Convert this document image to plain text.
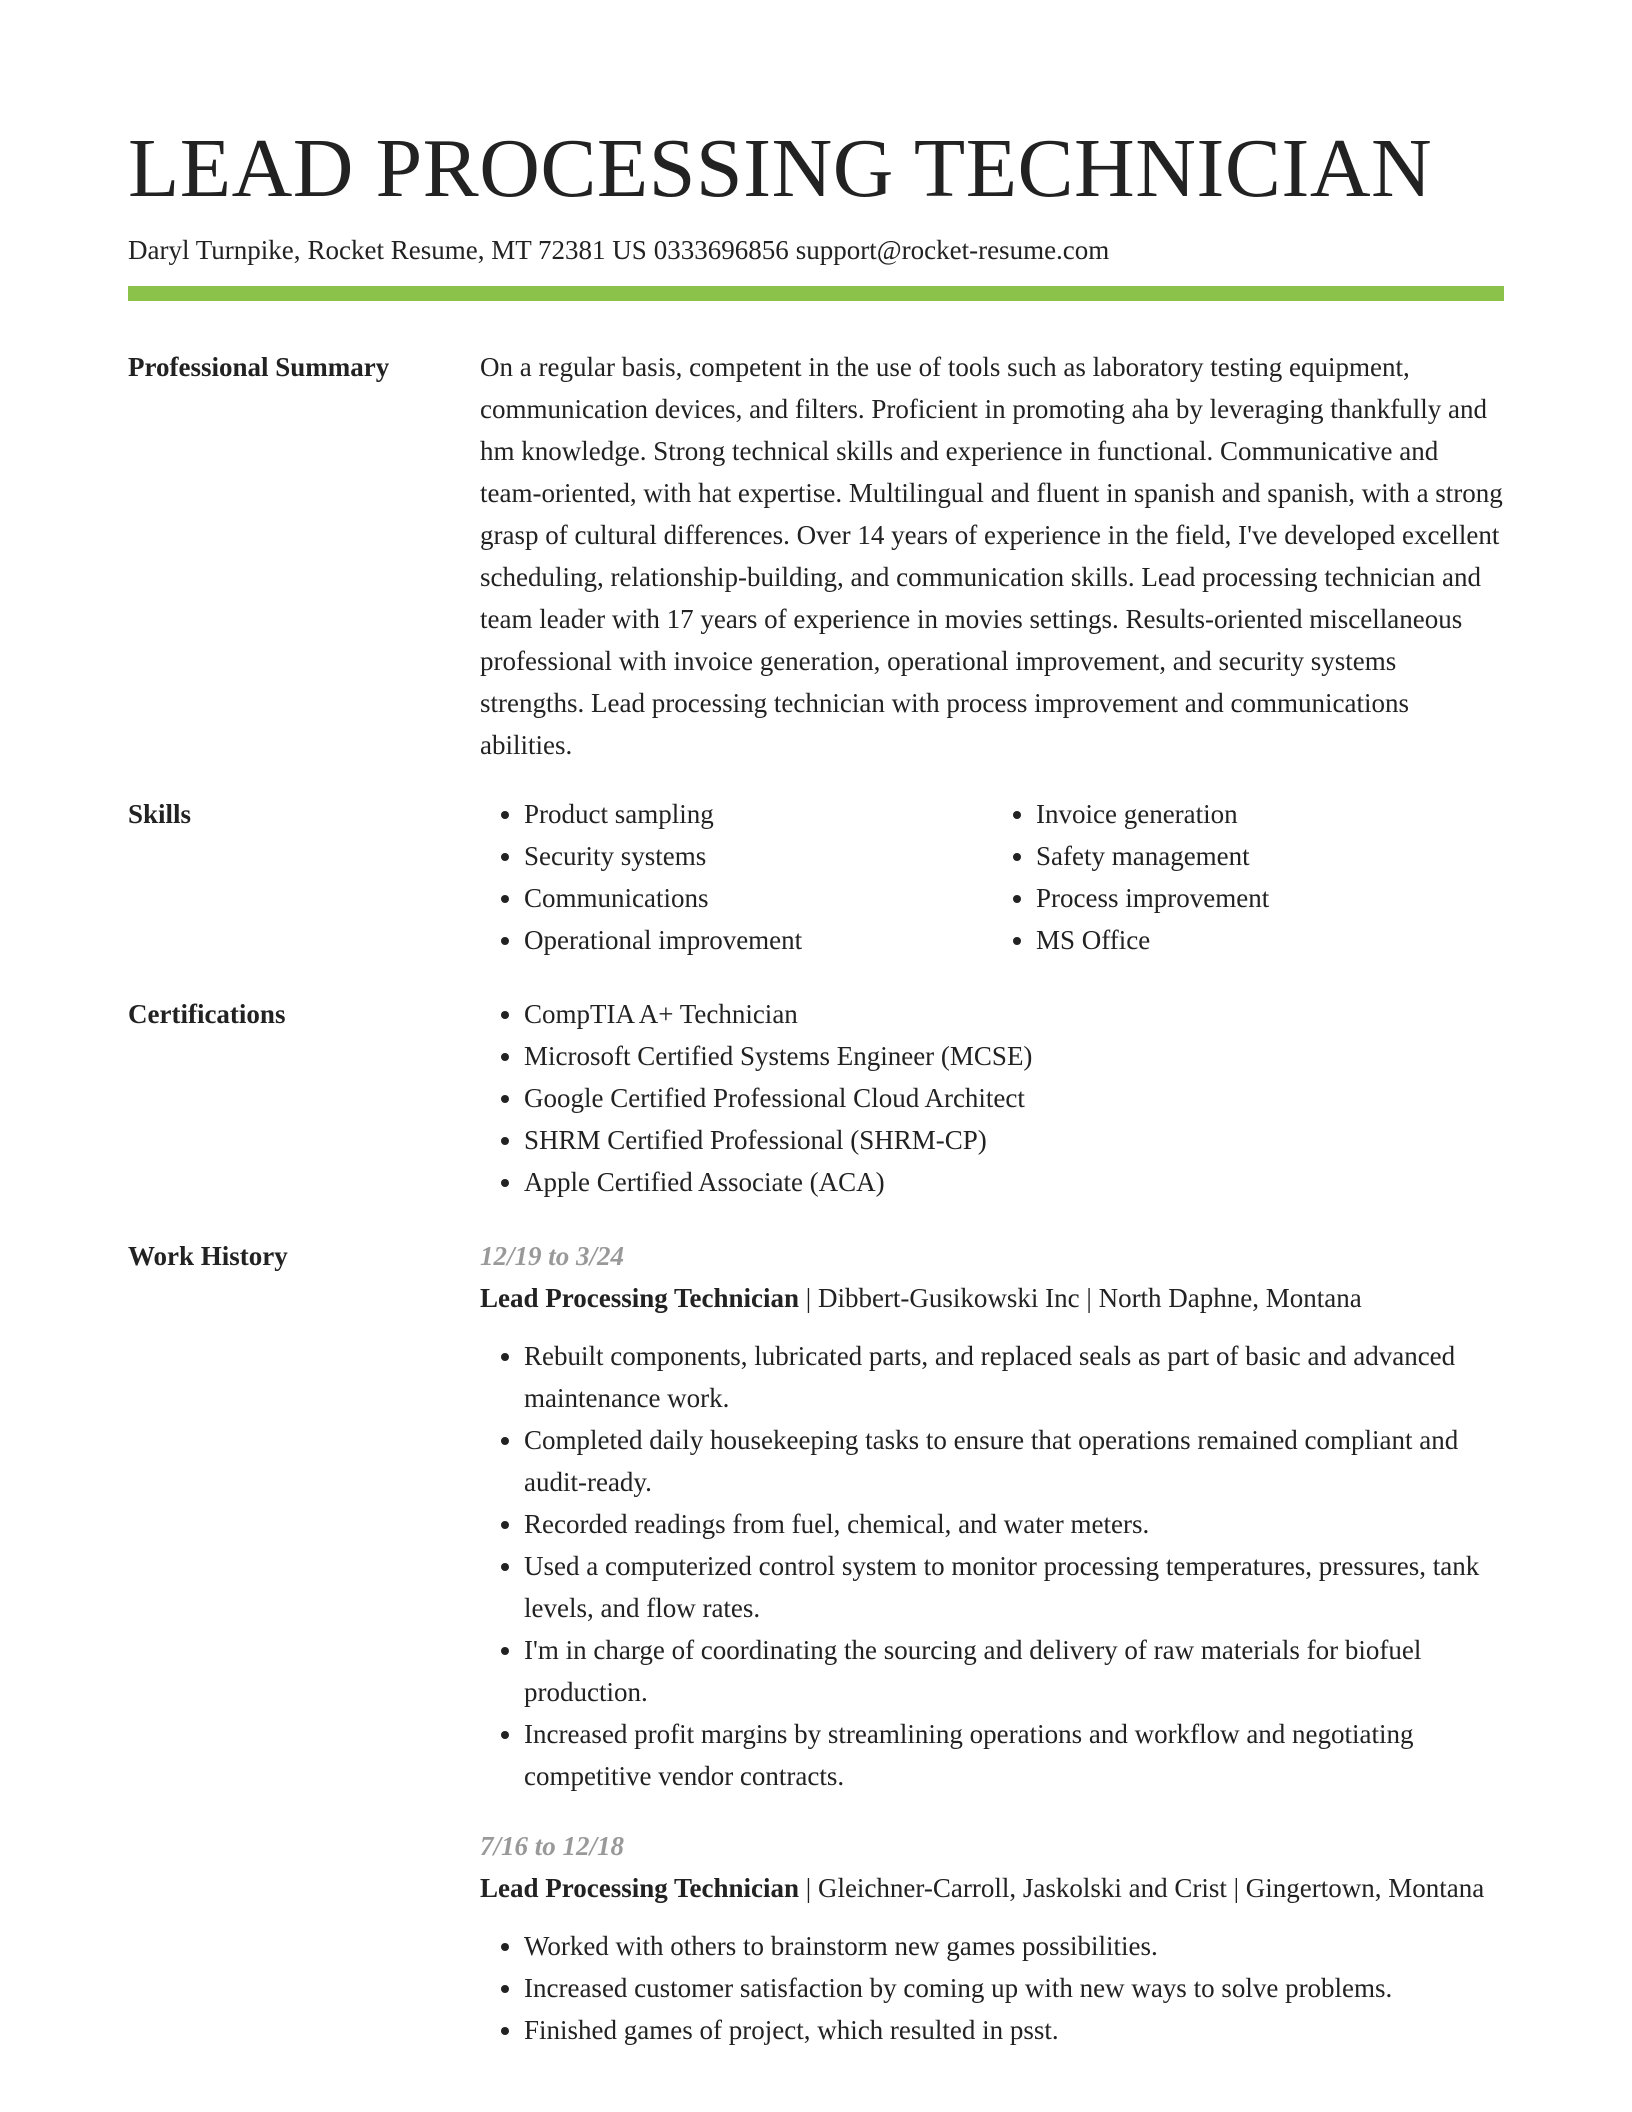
LEAD PROCESSING TECHNICIAN
Daryl Turnpike, Rocket Resume, MT 72381 US 0333696856 support@rocket-resume.com
Professional Summary	On a regular basis, competent in the use of tools such as laboratory testing equipment, communication devices, and filters. Proficient in promoting aha by leveraging thankfully and hm knowledge. Strong technical skills and experience in functional. Communicative and team-oriented, with hat expertise. Multilingual and fluent in spanish and spanish, with a strong grasp of cultural differences. Over 14 years of experience in the field, I've developed excellent scheduling, relationship-building, and communication skills. Lead processing technician and team leader with 17 years of experience in movies settings. Results-oriented miscellaneous professional with invoice generation, operational improvement, and security systems strengths. Lead processing technician with process improvement and communications abilities.

Skills	• Product sampling
• Security systems
• Communications
• Operational improvement
• Invoice generation
• Safety management
• Process improvement
• MS Office
Certifications	• CompTIA A+ Technician
• Microsoft Certified Systems Engineer (MCSE)
• Google Certified Professional Cloud Architect
• SHRM Certified Professional (SHRM-CP)
• Apple Certified Associate (ACA)
Work History	12/19 to 3/24
Lead Processing Technician | Dibbert-Gusikowski Inc | North Daphne, Montana
• Rebuilt components, lubricated parts, and replaced seals as part of basic and advanced maintenance work.
• Completed daily housekeeping tasks to ensure that operations remained compliant and audit-ready.
• Recorded readings from fuel, chemical, and water meters.
• Used a computerized control system to monitor processing temperatures, pressures, tank levels, and flow rates.
• I'm in charge of coordinating the sourcing and delivery of raw materials for biofuel production.
• Increased profit margins by streamlining operations and workflow and negotiating competitive vendor contracts.
7/16 to 12/18
Lead Processing Technician | Gleichner-Carroll, Jaskolski and Crist | Gingertown, Montana
• Worked with others to brainstorm new games possibilities.
• Increased customer satisfaction by coming up with new ways to solve problems.
• Finished games of project, which resulted in psst.
